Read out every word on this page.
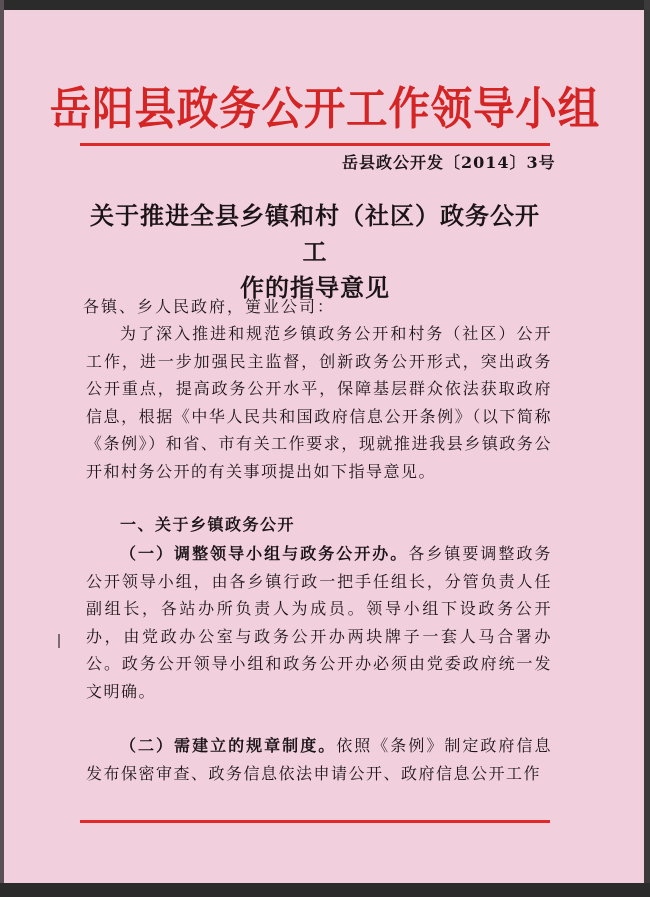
岳阳县政务公开工作领导小组
岳县政公开发〔2014〕3号
关于推进全县乡镇和村（社区）政务公开工
作的指导意见
各镇、乡人民政府，筻业公司：

为了深入推进和规范乡镇政务公开和村务（社区）公开工作，进一步加强民主监督，创新政务公开形式，突出政务公开重点，提高政务公开水平，保障基层群众依法获取政府信息，根据《中华人民共和国政府信息公开条例》（以下简称《条例》）和省、市有关工作要求，现就推进我县乡镇政务公开和村务公开的有关事项提出如下指导意见。

一、关于乡镇政务公开

（一）调整领导小组与政务公开办。各乡镇要调整政务公开领导小组，由各乡镇行政一把手任组长，分管负责人任副组长，各站办所负责人为成员。领导小组下设政务公开办，由党政办公室与政务公开办两块牌子一套人马合署办公。政务公开领导小组和政务公开办必须由党委政府统一发文明确。

（二）需建立的规章制度。依照《条例》制定政府信息发布保密审查、政务信息依法申请公开、政府信息公开工作
